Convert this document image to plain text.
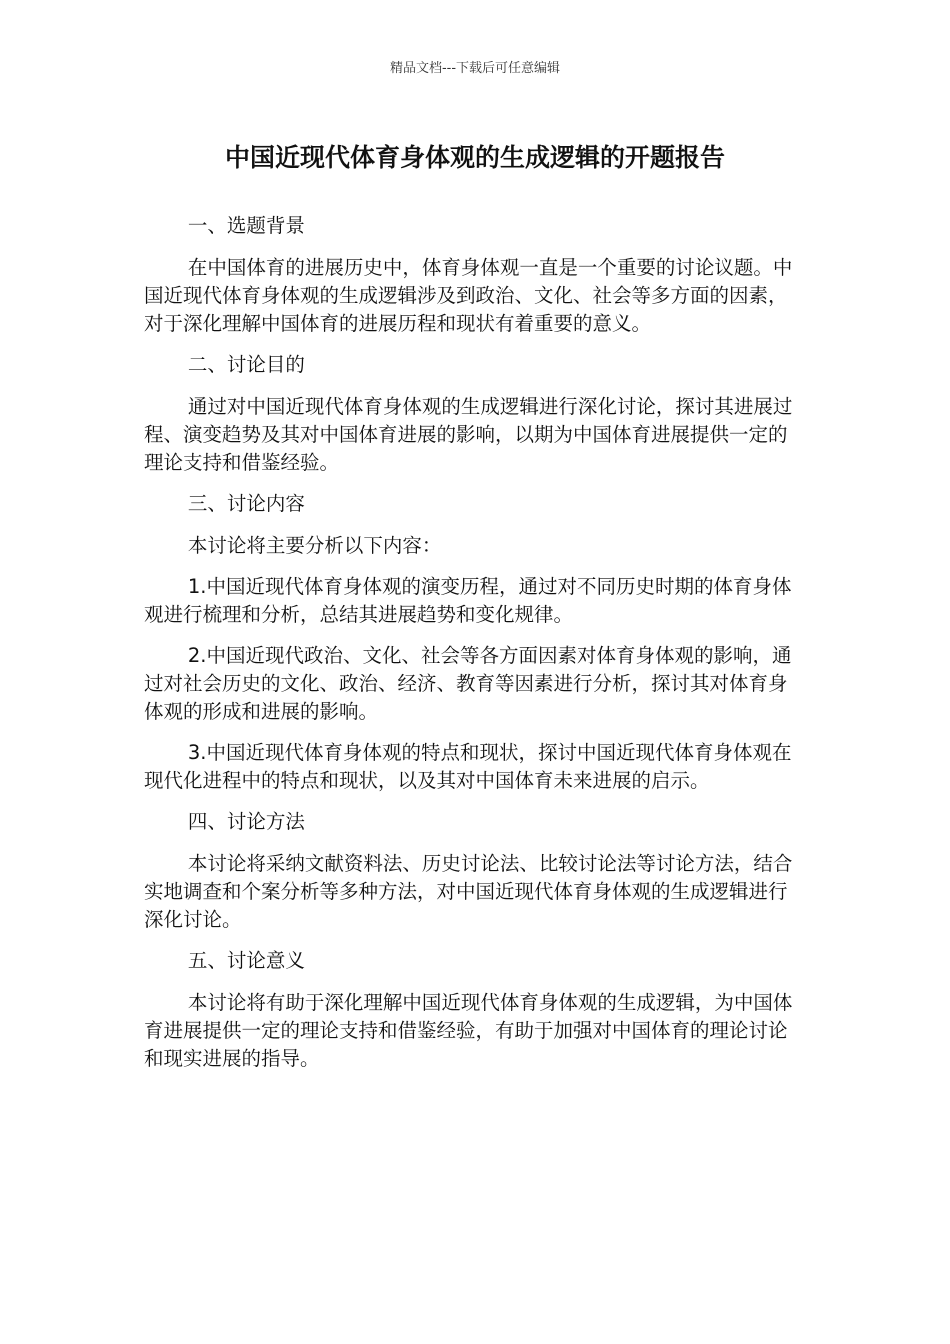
精品文档---下载后可任意编辑
中国近现代体育身体观的生成逻辑的开题报告

一、选题背景

在中国体育的进展历史中，体育身体观一直是一个重要的讨论议题。中国近现代体育身体观的生成逻辑涉及到政治、文化、社会等多方面的因素，对于深化理解中国体育的进展历程和现状有着重要的意义。

二、讨论目的

通过对中国近现代体育身体观的生成逻辑进行深化讨论，探讨其进展过程、演变趋势及其对中国体育进展的影响，以期为中国体育进展提供一定的理论支持和借鉴经验。

三、讨论内容

本讨论将主要分析以下内容：

1.中国近现代体育身体观的演变历程，通过对不同历史时期的体育身体观进行梳理和分析，总结其进展趋势和变化规律。

2.中国近现代政治、文化、社会等各方面因素对体育身体观的影响，通过对社会历史的文化、政治、经济、教育等因素进行分析，探讨其对体育身体观的形成和进展的影响。

3.中国近现代体育身体观的特点和现状，探讨中国近现代体育身体观在现代化进程中的特点和现状，以及其对中国体育未来进展的启示。

四、讨论方法

本讨论将采纳文献资料法、历史讨论法、比较讨论法等讨论方法，结合实地调查和个案分析等多种方法，对中国近现代体育身体观的生成逻辑进行深化讨论。

五、讨论意义

本讨论将有助于深化理解中国近现代体育身体观的生成逻辑，为中国体育进展提供一定的理论支持和借鉴经验，有助于加强对中国体育的理论讨论和现实进展的指导。
